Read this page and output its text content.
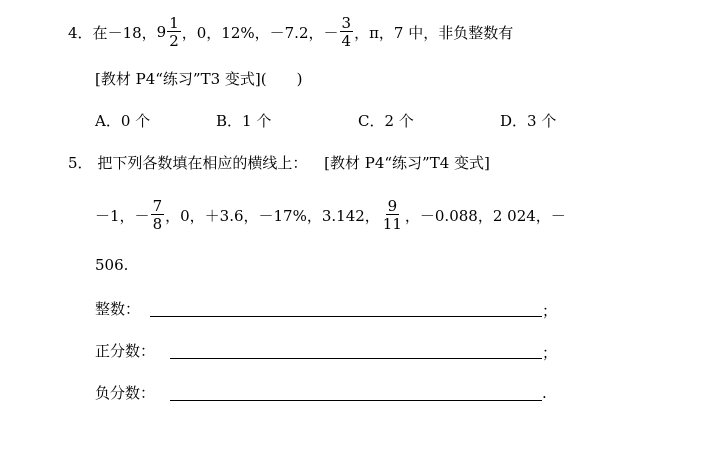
4． 在 －18， $9 \frac{1}{2}$ ，0，12%，－7.2， － $\frac{3}{4}$ ，π，7 中，非负整数有
[教材 P4“练习”T3 变式](　　)
A．0 个	B．1 个	C．2 个	D．3 个
5． 把下列各数填在相应的横线上： [教材 P4“练习”T4 变式]
－1， － $\frac{7}{8}$ ，0，＋3.6，－17%，3.142， $\frac{9}{11}$ ，－0.088，2 024，－
506.
整数：	；
正分数：	；
负分数：	.
